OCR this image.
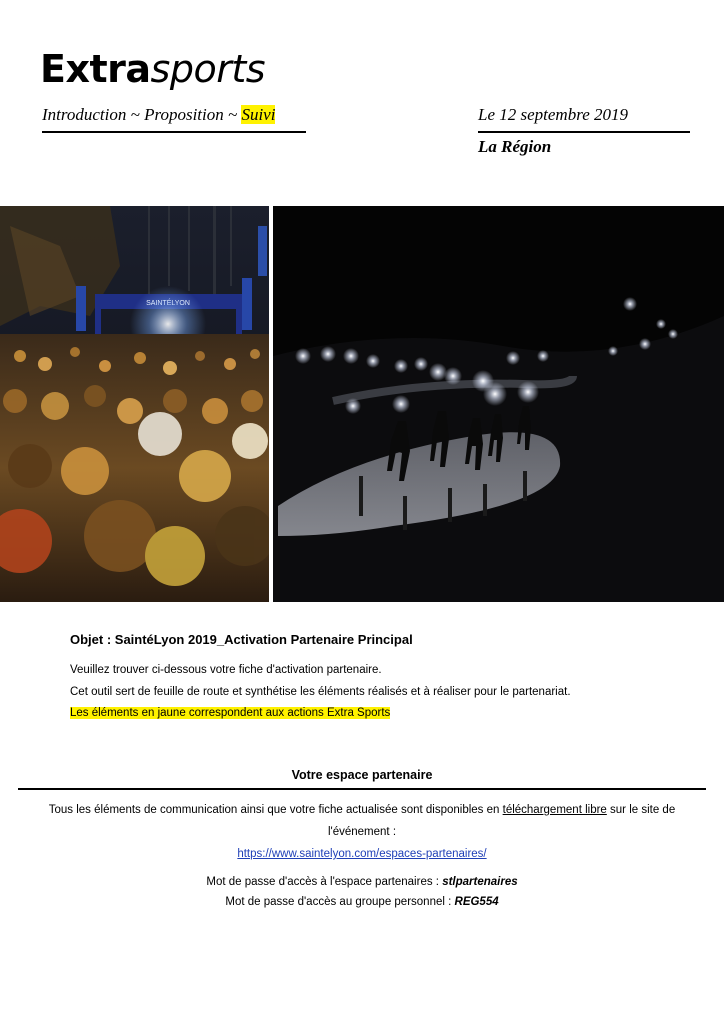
Extrasports
Introduction ~ Proposition ~ Suivi	Le 12 septembre 2019
La Région
Objet : SaintéLyon 2019_Activation Partenaire Principal
Veuillez trouver ci-dessous votre fiche d'activation partenaire.
Cet outil sert de feuille de route et synthétise les éléments réalisés et à réaliser pour le partenariat.
Les éléments en jaune correspondent aux actions Extra Sports
Votre espace partenaire
Tous les éléments de communication ainsi que votre fiche actualisée sont disponibles en téléchargement libre sur le site de l'événement :
https://www.saintelyon.com/espaces-partenaires/
Mot de passe d'accès à l'espace partenaires : stlpartenaires
Mot de passe d'accès au groupe personnel : REG554
